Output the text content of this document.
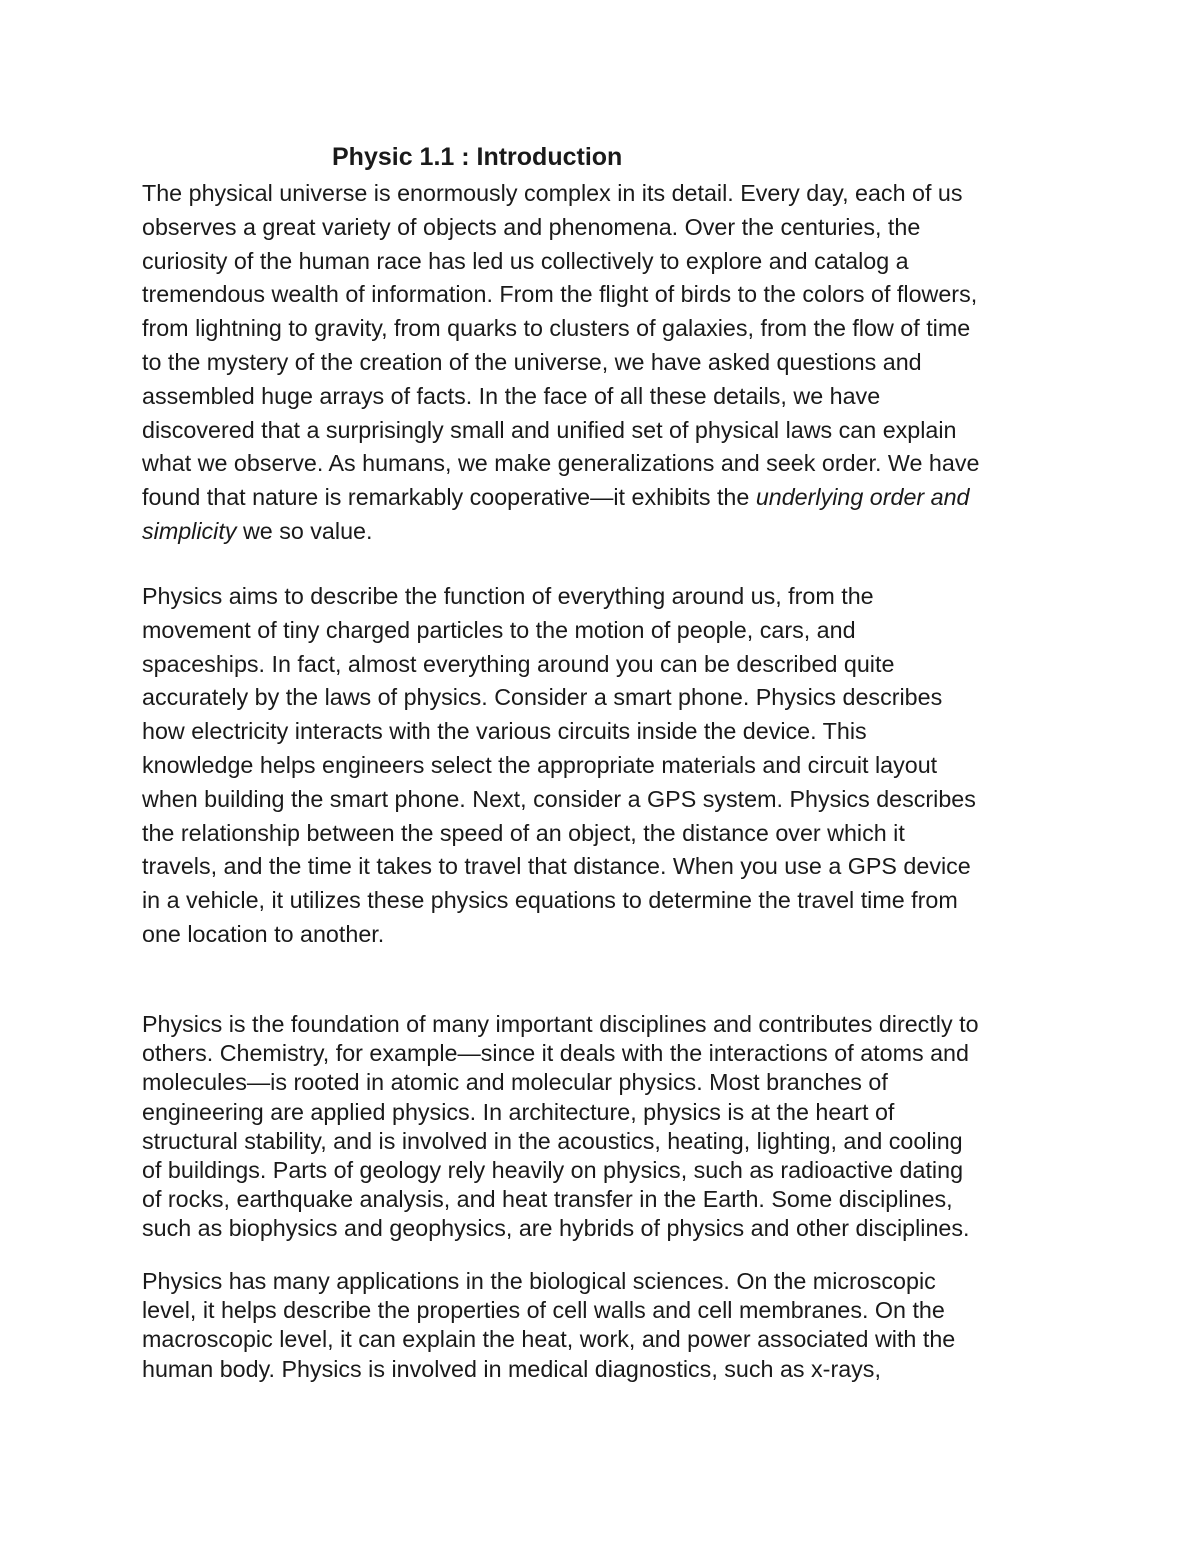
Physic 1.1 : Introduction

The physical universe is enormously complex in its detail. Every day, each of us
observes a great variety of objects and phenomena. Over the centuries, the
curiosity of the human race has led us collectively to explore and catalog a
tremendous wealth of information. From the flight of birds to the colors of flowers,
from lightning to gravity, from quarks to clusters of galaxies, from the flow of time
to the mystery of the creation of the universe, we have asked questions and
assembled huge arrays of facts. In the face of all these details, we have
discovered that a surprisingly small and unified set of physical laws can explain
what we observe. As humans, we make generalizations and seek order. We have
found that nature is remarkably cooperative—it exhibits the underlying order and
simplicity we so value.

Physics aims to describe the function of everything around us, from the
movement of tiny charged particles to the motion of people, cars, and
spaceships. In fact, almost everything around you can be described quite
accurately by the laws of physics. Consider a smart phone. Physics describes
how electricity interacts with the various circuits inside the device. This
knowledge helps engineers select the appropriate materials and circuit layout
when building the smart phone. Next, consider a GPS system. Physics describes
the relationship between the speed of an object, the distance over which it
travels, and the time it takes to travel that distance. When you use a GPS device
in a vehicle, it utilizes these physics equations to determine the travel time from
one location to another.

Physics is the foundation of many important disciplines and contributes directly to
others. Chemistry, for example—since it deals with the interactions of atoms and
molecules—is rooted in atomic and molecular physics. Most branches of
engineering are applied physics. In architecture, physics is at the heart of
structural stability, and is involved in the acoustics, heating, lighting, and cooling
of buildings. Parts of geology rely heavily on physics, such as radioactive dating
of rocks, earthquake analysis, and heat transfer in the Earth. Some disciplines,
such as biophysics and geophysics, are hybrids of physics and other disciplines.

Physics has many applications in the biological sciences. On the microscopic
level, it helps describe the properties of cell walls and cell membranes. On the
macroscopic level, it can explain the heat, work, and power associated with the
human body. Physics is involved in medical diagnostics, such as x-rays,
